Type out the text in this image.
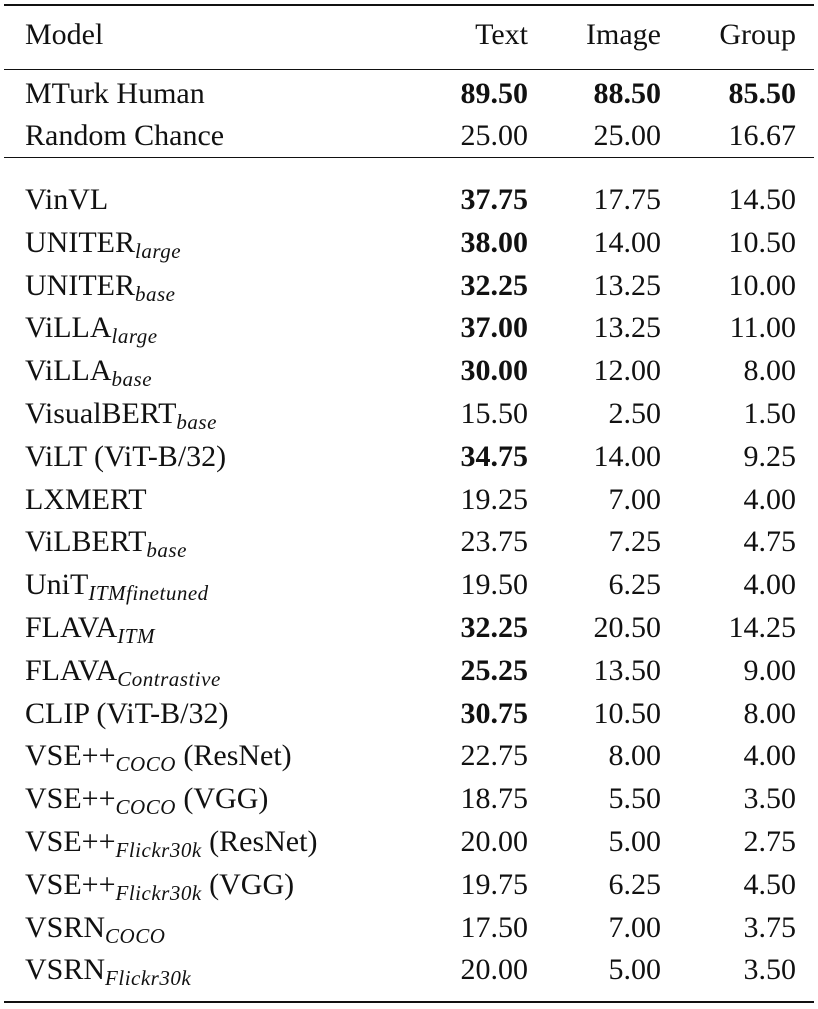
Model	Text Image Group
MTurk Human	89.50 88.50 85.50
Random Chance	25.00 25.00 16.67
VinVL	37.75 17.75 14.50
$UNITER_{large}$	38.00 14.00 10.50
$UNITER_{base}$	32.25 13.25 10.00
ViLLA$_{large}$	37.00 13.25 11.00
ViLLA$_{base}$	30.00 12.00	8.00
VisualBERT$_{base}$	15.50	2.50	1.50
ViLT (ViT-B/32)	34.75 14.00	9.25
LXMERT	19.25	7.00	4.00
ViLBERT$_{base}$	23.75	7.25	4.75
UniT$_{ITMfinetuned}$	19.50	6.25	4.00
$FLAVA_{ITM}$	32.25 20.50 14.25
$FLAVA_{Contrastive}$	25.25 13.50	9.00
CLIP (ViT-B/32)	30.75 10.50	8.00
$VSE++_{COCO}$ (ResNet)	22.75	8.00	4.00
$VSE++_{COCO}$ (VGG)	18.75	5.50	3.50
$VSE++_{Flickr30k}$ (ResNet)	20.00	5.00	2.75
$VSE++_{Flickr30k}$ (VGG)	19.75	6.25	4.50
$VSRN_{COCO}$	17.50	7.00	3.75
$VSRN_{Flickr30k}$	20.00	5.00	3.50
